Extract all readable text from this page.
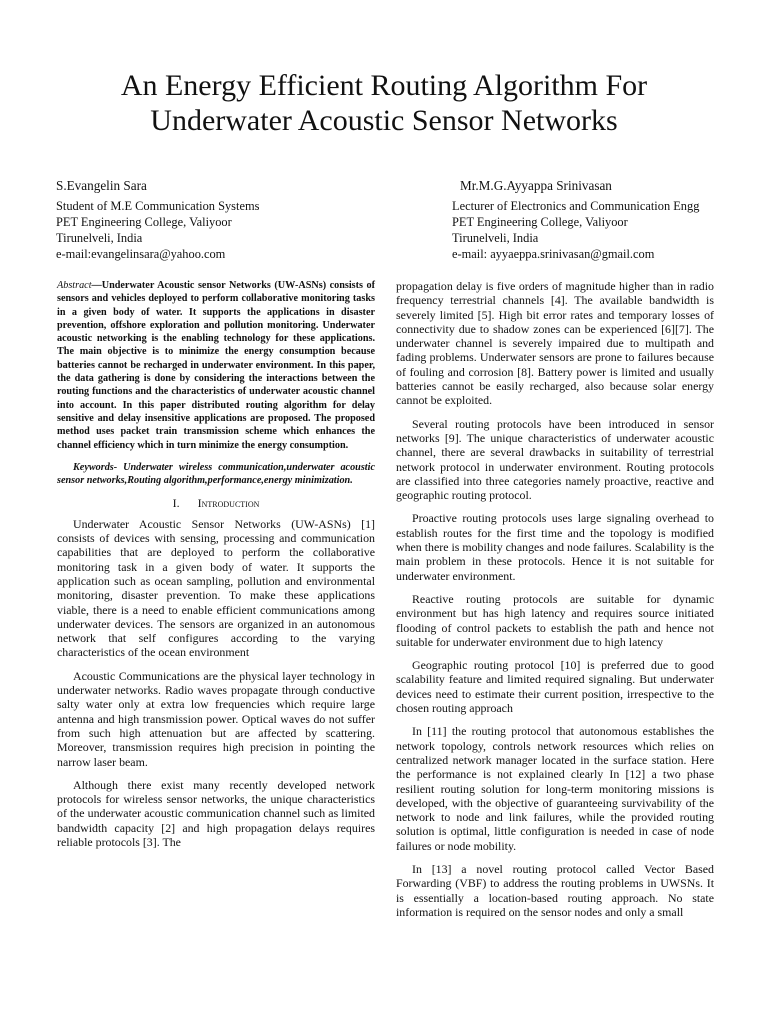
An Energy Efficient Routing Algorithm For
Underwater Acoustic Sensor Networks
S.Evangelin Sara
Student of M.E Communication Systems
PET Engineering College, Valiyoor
Tirunelveli, India
e-mail:evangelinsara@yahoo.com
Mr.M.G.Ayyappa Srinivasan
Lecturer of Electronics and Communication Engg
PET Engineering College, Valiyoor
Tirunelveli, India
e-mail: ayyaeppa.srinivasan@gmail.com

Abstract—Underwater Acoustic sensor Networks (UW-ASNs) consists of sensors and vehicles deployed to perform collaborative monitoring tasks in a given body of water. It supports the applications in disaster prevention, offshore exploration and pollution monitoring. Underwater acoustic networking is the enabling technology for these applications. The main objective is to minimize the energy consumption because batteries cannot be recharged in underwater environment. In this paper, the data gathering is done by considering the interactions between the routing functions and the characteristics of underwater acoustic channel into account. In this paper distributed routing algorithm for delay sensitive and delay insensitive applications are proposed. The proposed method uses packet train transmission scheme which enhances the channel efficiency which in turn minimize the energy consumption.

Keywords- Underwater wireless communication,underwater acoustic sensor networks,Routing algorithm,performance,energy minimization.

I. Introduction

Underwater Acoustic Sensor Networks (UW-ASNs) [1] consists of devices with sensing, processing and communication capabilities that are deployed to perform the collaborative monitoring task in a given body of water. It supports the application such as ocean sampling, pollution and environmental monitoring, disaster prevention. To make these applications viable, there is a need to enable efficient communications among underwater devices. The sensors are organized in an autonomous network that self configures according to the varying characteristics of the ocean environment

Acoustic Communications are the physical layer technology in underwater networks. Radio waves propagate through conductive salty water only at extra low frequencies which require large antenna and high transmission power. Optical waves do not suffer from such high attenuation but are affected by scattering. Moreover, transmission requires high precision in pointing the narrow laser beam.

Although there exist many recently developed network protocols for wireless sensor networks, the unique characteristics of the underwater acoustic communication channel such as limited bandwidth capacity [2] and high propagation delays requires reliable protocols [3]. The

propagation delay is five orders of magnitude higher than in radio frequency terrestrial channels [4]. The available bandwidth is severely limited [5]. High bit error rates and temporary losses of connectivity due to shadow zones can be experienced [6][7]. The underwater channel is severely impaired due to multipath and fading problems. Underwater sensors are prone to failures because of fouling and corrosion [8]. Battery power is limited and usually batteries cannot be easily recharged, also because solar energy cannot be exploited.

Several routing protocols have been introduced in sensor networks [9]. The unique characteristics of underwater acoustic channel, there are several drawbacks in suitability of terrestrial network protocol in underwater environment. Routing protocols are classified into three categories namely proactive, reactive and geographic routing protocol.

Proactive routing protocols uses large signaling overhead to establish routes for the first time and the topology is modified when there is mobility changes and node failures. Scalability is the main problem in these protocols. Hence it is not suitable for underwater environment.

Reactive routing protocols are suitable for dynamic environment but has high latency and requires source initiated flooding of control packets to establish the path and hence not suitable for underwater environment due to high latency

Geographic routing protocol [10] is preferred due to good scalability feature and limited required signaling. But underwater devices need to estimate their current position, irrespective to the chosen routing approach

In [11] the routing protocol that autonomous establishes the network topology, controls network resources which relies on centralized network manager located in the surface station. Here the performance is not explained clearly In [12] a two phase resilient routing solution for long-term monitoring missions is developed, with the objective of guaranteeing survivability of the network to node and link failures, while the provided routing solution is optimal, little configuration is needed in case of node failures or node mobility.

In [13] a novel routing protocol called Vector Based Forwarding (VBF) to address the routing problems in UWSNs. It is essentially a location-based routing approach. No state information is required on the sensor nodes and only a small
